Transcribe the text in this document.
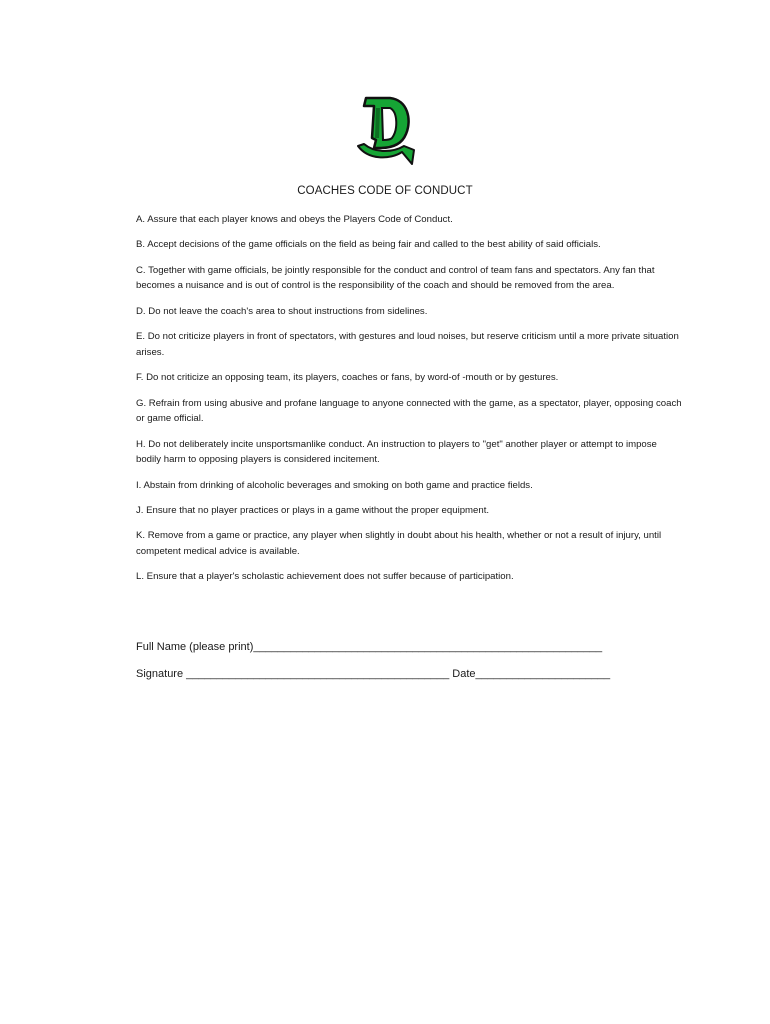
COACHES CODE OF CONDUCT
A. Assure that each player knows and obeys the Players Code of Conduct.
B. Accept decisions of the game officials on the field as being fair and called to the best ability of said officials.
C. Together with game officials, be jointly responsible for the conduct and control of team fans and spectators. Any fan that becomes a nuisance and is out of control is the responsibility of the coach and should be removed from the area.
D. Do not leave the coach's area to shout instructions from sidelines.
E. Do not criticize players in front of spectators, with gestures and loud noises, but reserve criticism until a more private situation arises.
F. Do not criticize an opposing team, its players, coaches or fans, by word-of -mouth or by gestures.
G. Refrain from using abusive and profane language to anyone connected with the game, as a spectator, player, opposing coach or game official.
H. Do not deliberately incite unsportsmanlike conduct. An instruction to players to "get" another player or attempt to impose bodily harm to opposing players is considered incitement.
I. Abstain from drinking of alcoholic beverages and smoking on both game and practice fields.
J. Ensure that no player practices or plays in a game without the proper equipment.
K. Remove from a game or practice, any player when slightly in doubt about his health, whether or not a result of injury, until competent medical advice is available.
L. Ensure that a player's scholastic achievement does not suffer because of participation.
Full Name (please print)_________________________________________________________
Signature ___________________________________________ Date______________________
